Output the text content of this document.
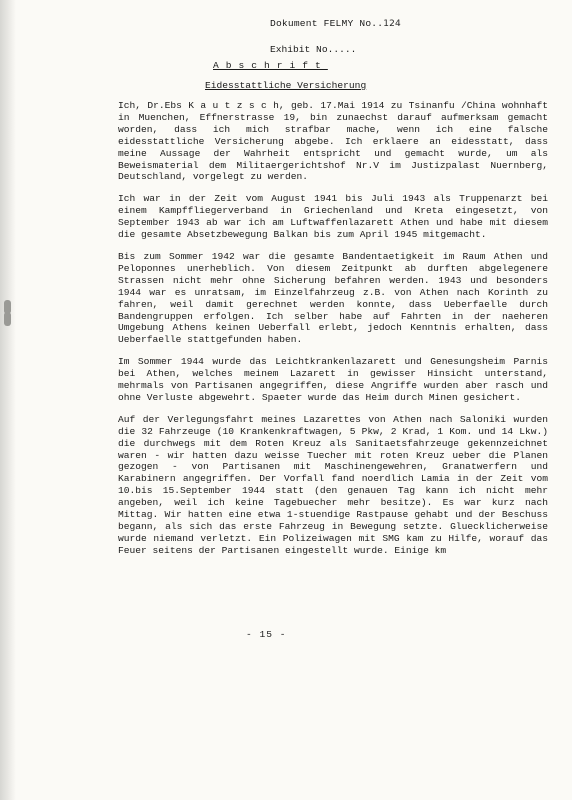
Dokument FELMY No..124
Exhibit No.....
Abschrift
Eidesstattliche Versicherung

Ich, Dr.Ebs K a u t z s c h, geb. 17.Mai 1914 zu Tsinanfu /China wohnhaft in Muenchen, Effnerstrasse 19, bin zunaechst darauf aufmerksam gemacht worden, dass ich mich strafbar mache, wenn ich eine falsche eidesstattliche Versicherung abgebe. Ich erklaere an eidesstatt, dass meine Aussage der Wahrheit entspricht und gemacht wurde, um als Beweismaterial dem Militaergerichtshof Nr.V im Justizpalast Nuernberg, Deutschland, vorgelegt zu werden.

Ich war in der Zeit vom August 1941 bis Juli 1943 als Truppenarzt bei einem Kampffliegerverband in Griechenland und Kreta eingesetzt, von September 1943 ab war ich am Luftwaffenlazarett Athen und habe mit diesem die gesamte Absetzbewegung Balkan bis zum April 1945 mitgemacht.

Bis zum Sommer 1942 war die gesamte Bandentaetigkeit im Raum Athen und Peloponnes unerheblich. Von diesem Zeitpunkt ab durften abgelegenere Strassen nicht mehr ohne Sicherung befahren werden. 1943 und besonders 1944 war es unratsam, im Einzelfahrzeug z.B. von Athen nach Korinth zu fahren, weil damit gerechnet werden konnte, dass Ueberfaelle durch Bandengruppen erfolgen. Ich selber habe auf Fahrten in der naeheren Umgebung Athens keinen Ueberfall erlebt, jedoch Kenntnis erhalten, dass Ueberfaelle stattgefunden haben.

Im Sommer 1944 wurde das Leichtkrankenlazarett und Genesungsheim Parnis bei Athen, welches meinem Lazarett in gewisser Hinsicht unterstand, mehrmals von Partisanen angegriffen, diese Angriffe wurden aber rasch und ohne Verluste abgewehrt. Spaeter wurde das Heim durch Minen gesichert.

Auf der Verlegungsfahrt meines Lazarettes von Athen nach Saloniki wurden die 32 Fahrzeuge (10 Krankenkraftwagen, 5 Pkw, 2 Krad, 1 Kom. und 14 Lkw.) die durchwegs mit dem Roten Kreuz als Sanitaetsfahrzeuge gekennzeichnet waren - wir hatten dazu weisse Tuecher mit roten Kreuz ueber die Planen gezogen - von Partisanen mit Maschinengewehren, Granatwerfern und Karabinern angegriffen. Der Vorfall fand noerdlich Lamia in der Zeit vom 10.bis 15.September 1944 statt (den genauen Tag kann ich nicht mehr angeben, weil ich keine Tagebuecher mehr besitze). Es war kurz nach Mittag. Wir hatten eine etwa 1-stuendige Rastpause gehabt und der Beschuss begann, als sich das erste Fahrzeug in Bewegung setzte. Gluecklicherweise wurde niemand verletzt. Ein Polizeiwagen mit SMG kam zu Hilfe, worauf das Feuer seitens der Partisanen eingestellt wurde. Einige km

- 15 -
